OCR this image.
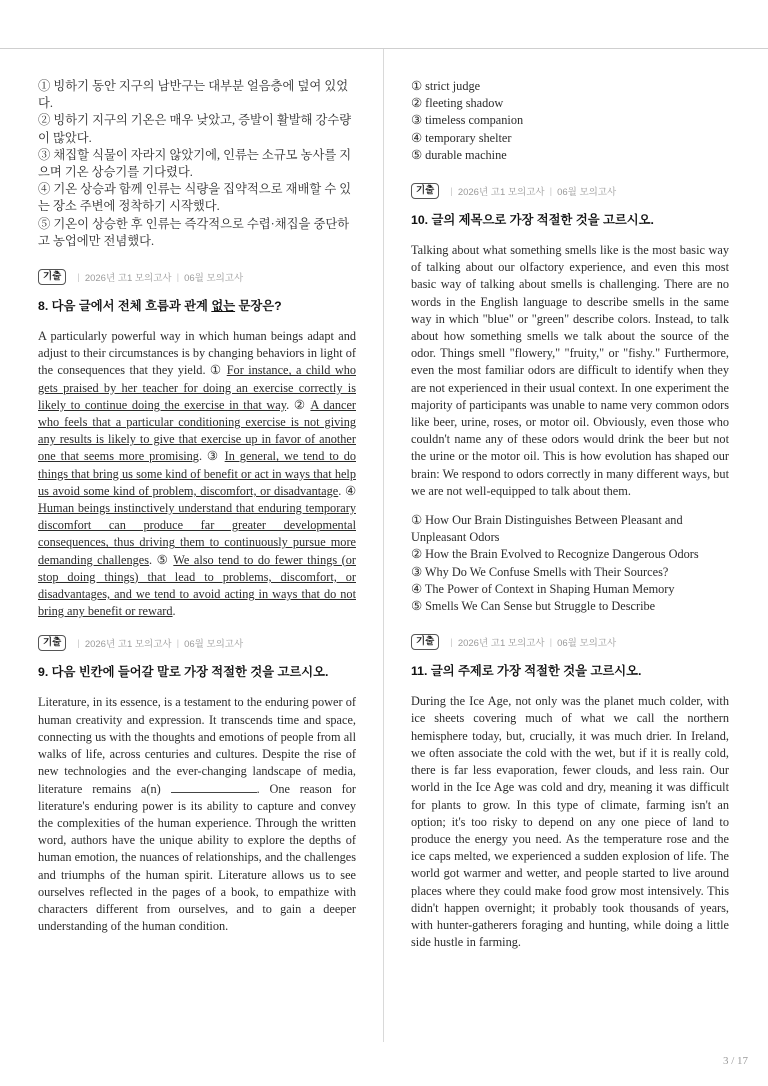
① 빙하기 동안 지구의 남반구는 대부분 얼음층에 덮여 있었다.

② 빙하기 지구의 기온은 매우 낮았고, 증발이 활발해 강수량이 많았다.

③ 채집할 식물이 자라지 않았기에, 인류는 소규모 농사를 지으며 기온 상승기를 기다렸다.

④ 기온 상승과 함께 인류는 식량을 집약적으로 재배할 수 있는 장소 주변에 정착하기 시작했다.

⑤ 기온이 상승한 후 인류는 즉각적으로 수렵·채집을 중단하고 농업에만 전념했다.

기출	| 2026년 고1 모의고사 | 06월 모의고사
8. 다음 글에서 전체 흐름과 관계 없는 문장은?

A particularly powerful way in which human beings adapt and adjust to their circumstances is by changing behaviors in light of the consequences that they yield. ① For instance, a child who gets praised by her teacher for doing an exercise correctly is likely to continue doing the exercise in that way. ② A dancer who feels that a particular conditioning exercise is not giving any results is likely to give that exercise up in favor of another one that seems more promising. ③ In general, we tend to do things that bring us some kind of benefit or act in ways that help us avoid some kind of problem, discomfort, or disadvantage. ④ Human beings instinctively understand that enduring temporary discomfort can produce far greater developmental consequences, thus driving them to continuously pursue more demanding challenges. ⑤ We also tend to do fewer things (or stop doing things) that lead to problems, discomfort, or disadvantages, and we tend to avoid acting in ways that do not bring any benefit or reward.

기출	| 2026년 고1 모의고사 | 06월 모의고사
9. 다음 빈칸에 들어갈 말로 가장 적절한 것을 고르시오.

Literature, in its essence, is a testament to the enduring power of human creativity and expression. It transcends time and space, connecting us with the thoughts and emotions of people from all walks of life, across centuries and cultures. Despite the rise of new technologies and the ever-changing landscape of media, literature remains a(n)	. One reason for literature's enduring power is its ability to capture and convey the complexities of the human experience. Through the written word, authors have the unique ability to explore the depths of human emotion, the nuances of relationships, and the challenges and triumphs of the human spirit. Literature allows us to see ourselves reflected in the pages of a book, to empathize with characters different from ourselves, and to gain a deeper understanding of the human condition.

① strict judge

② fleeting shadow

③ timeless companion

④ temporary shelter

⑤ durable machine

기출	| 2026년 고1 모의고사 | 06월 모의고사
10. 글의 제목으로 가장 적절한 것을 고르시오.

Talking about what something smells like is the most basic way of talking about our olfactory experience, and even this most basic way of talking about smells is challenging. There are no words in the English language to describe smells in the same way in which "blue" or "green" describe colors. Instead, to talk about how something smells we talk about the source of the odor. Things smell "flowery," "fruity," or "fishy." Furthermore, even the most familiar odors are difficult to identify when they are not experienced in their usual context. In one experiment the majority of participants was unable to name very common odors like beer, urine, roses, or motor oil. Obviously, even those who couldn't name any of these odors would drink the beer but not the urine or the motor oil. This is how evolution has shaped our brain: We respond to odors correctly in many different ways, but we are not well-equipped to talk about them.

① How Our Brain Distinguishes Between Pleasant and Unpleasant Odors

② How the Brain Evolved to Recognize Dangerous Odors

③ Why Do We Confuse Smells with Their Sources?

④ The Power of Context in Shaping Human Memory

⑤ Smells We Can Sense but Struggle to Describe

기출	| 2026년 고1 모의고사 | 06월 모의고사
11. 글의 주제로 가장 적절한 것을 고르시오.

During the Ice Age, not only was the planet much colder, with ice sheets covering much of what we call the northern hemisphere today, but, crucially, it was much drier. In Ireland, we often associate the cold with the wet, but if it is really cold, there is far less evaporation, fewer clouds, and less rain. Our world in the Ice Age was cold and dry, meaning it was difficult for plants to grow. In this type of climate, farming isn't an option; it's too risky to depend on any one piece of land to produce the energy you need. As the temperature rose and the ice caps melted, we experienced a sudden explosion of life. The world got warmer and wetter, and people started to live around places where they could make food grow most intensively. This didn't happen overnight; it probably took thousands of years, with hunter-gatherers foraging and hunting, while doing a little side hustle in farming.

3 / 17
